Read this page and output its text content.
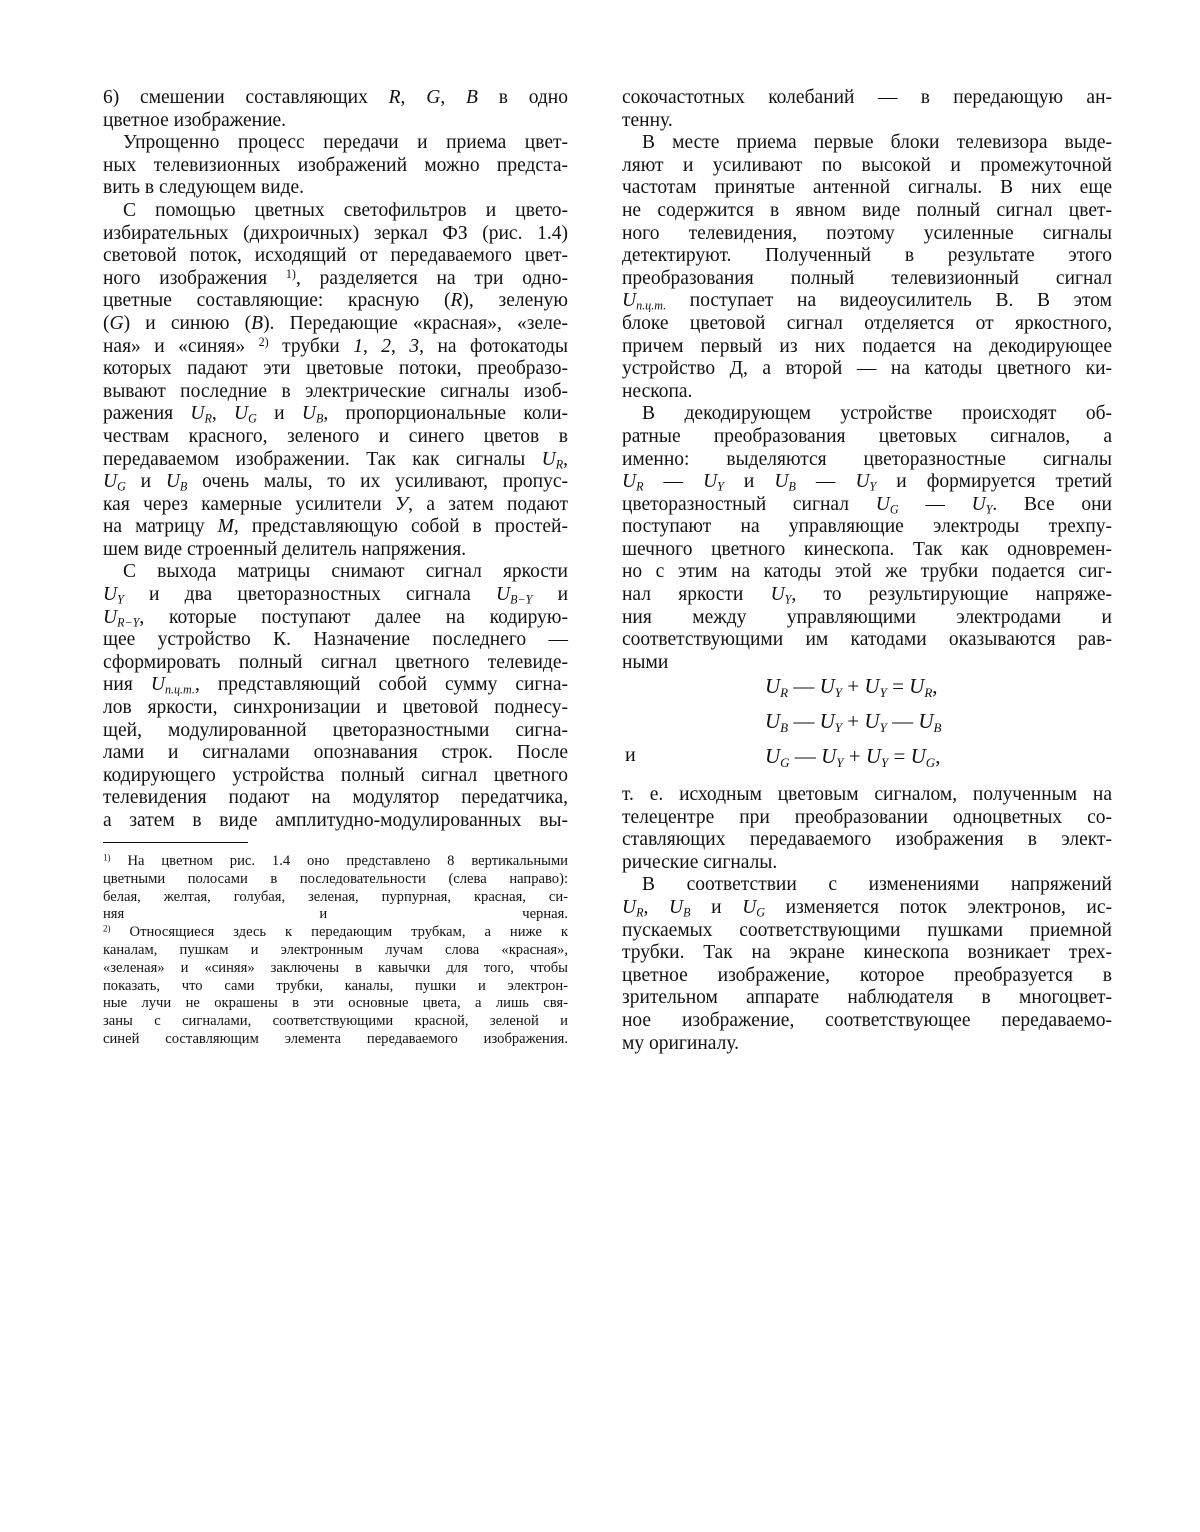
6) смешении составляющих R, G, B в одно
цветное изображение.
Упрощенно процесс передачи и приема цвет-
ных телевизионных изображений можно предста-
вить в следующем виде.
С помощью цветных светофильтров и цвето-
избирательных (дихроичных) зеркал ФЗ (рис. 1.4)
световой поток, исходящий от передаваемого цвет-
ного изображения 1), разделяется на три одно-
цветные составляющие: красную (R), зеленую
(G) и синюю (B). Передающие «красная», «зеле-
ная» и «синяя» 2) трубки 1, 2, 3, на фотокатоды
которых падают эти цветовые потоки, преобразо-
вывают последние в электрические сигналы изоб-
ражения UR, UG и UB, пропорциональные коли-
чествам красного, зеленого и синего цветов в
передаваемом изображении. Так как сигналы UR,
UG и UB очень малы, то их усиливают, пропус-
кая через камерные усилители У, а затем подают
на матрицу М, представляющую собой в простей-
шем виде строенный делитель напряжения.
С выхода матрицы снимают сигнал яркости
UY и два цветоразностных сигнала UB−Y и
UR−Y, которые поступают далее на кодирую-
щее устройство К. Назначение последнего —
сформировать полный сигнал цветного телевиде-
ния Uп.ц.т., представляющий собой сумму сигна-
лов яркости, синхронизации и цветовой поднесу-
щей, модулированной цветоразностными сигна-
лами и сигналами опознавания строк. После
кодирующего устройства полный сигнал цветного
телевидения подают на модулятор передатчика,
а затем в виде амплитудно-модулированных вы-
1) На цветном рис. 1.4 оно представлено 8 вертикальными
цветными полосами в последовательности (слева направо):
белая, желтая, голубая, зеленая, пурпурная, красная, си-
няя и черная.
2) Относящиеся здесь к передающим трубкам, а ниже к
каналам, пушкам и электронным лучам слова «красная»,
«зеленая» и «синяя» заключены в кавычки для того, чтобы
показать, что сами трубки, каналы, пушки и электрон-
ные лучи не окрашены в эти основные цвета, а лишь свя-
заны с сигналами, соответствующими красной, зеленой и
синей составляющим элемента передаваемого изображения.
сокочастотных колебаний — в передающую ан-
тенну.
В месте приема первые блоки телевизора выде-
ляют и усиливают по высокой и промежуточной
частотам принятые антенной сигналы. В них еще
не содержится в явном виде полный сигнал цвет-
ного телевидения, поэтому усиленные сигналы
детектируют. Полученный в результате этого
преобразования полный телевизионный сигнал
Uп.ц.т. поступает на видеоусилитель В. В этом
блоке цветовой сигнал отделяется от яркостного,
причем первый из них подается на декодирующее
устройство Д, а второй — на катоды цветного ки-
нескопа.
В декодирующем устройстве происходят об-
ратные преобразования цветовых сигналов, а
именно: выделяются цветоразностные сигналы
UR — UY и UB — UY и формируется третий
цветоразностный сигнал UG — UY. Все они
поступают на управляющие электроды трехпу-
шечного цветного кинескопа. Так как одновремен-
но с этим на катоды этой же трубки подается сиг-
нал яркости UY, то результирующие напряже-
ния между управляющими электродами и
соответствующими им катодами оказываются рав-
ными
UR — UY + UY = UR,
UB — UY + UY — UB
UG — UY + UY = UG,
и
т. е. исходным цветовым сигналом, полученным на
телецентре при преобразовании одноцветных со-
ставляющих передаваемого изображения в элект-
рические сигналы.
В соответствии с изменениями напряжений
UR, UB и UG изменяется поток электронов, ис-
пускаемых соответствующими пушками приемной
трубки. Так на экране кинескопа возникает трех-
цветное изображение, которое преобразуется в
зрительном аппарате наблюдателя в многоцвет-
ное изображение, соответствующее передаваемо-
му оригиналу.
